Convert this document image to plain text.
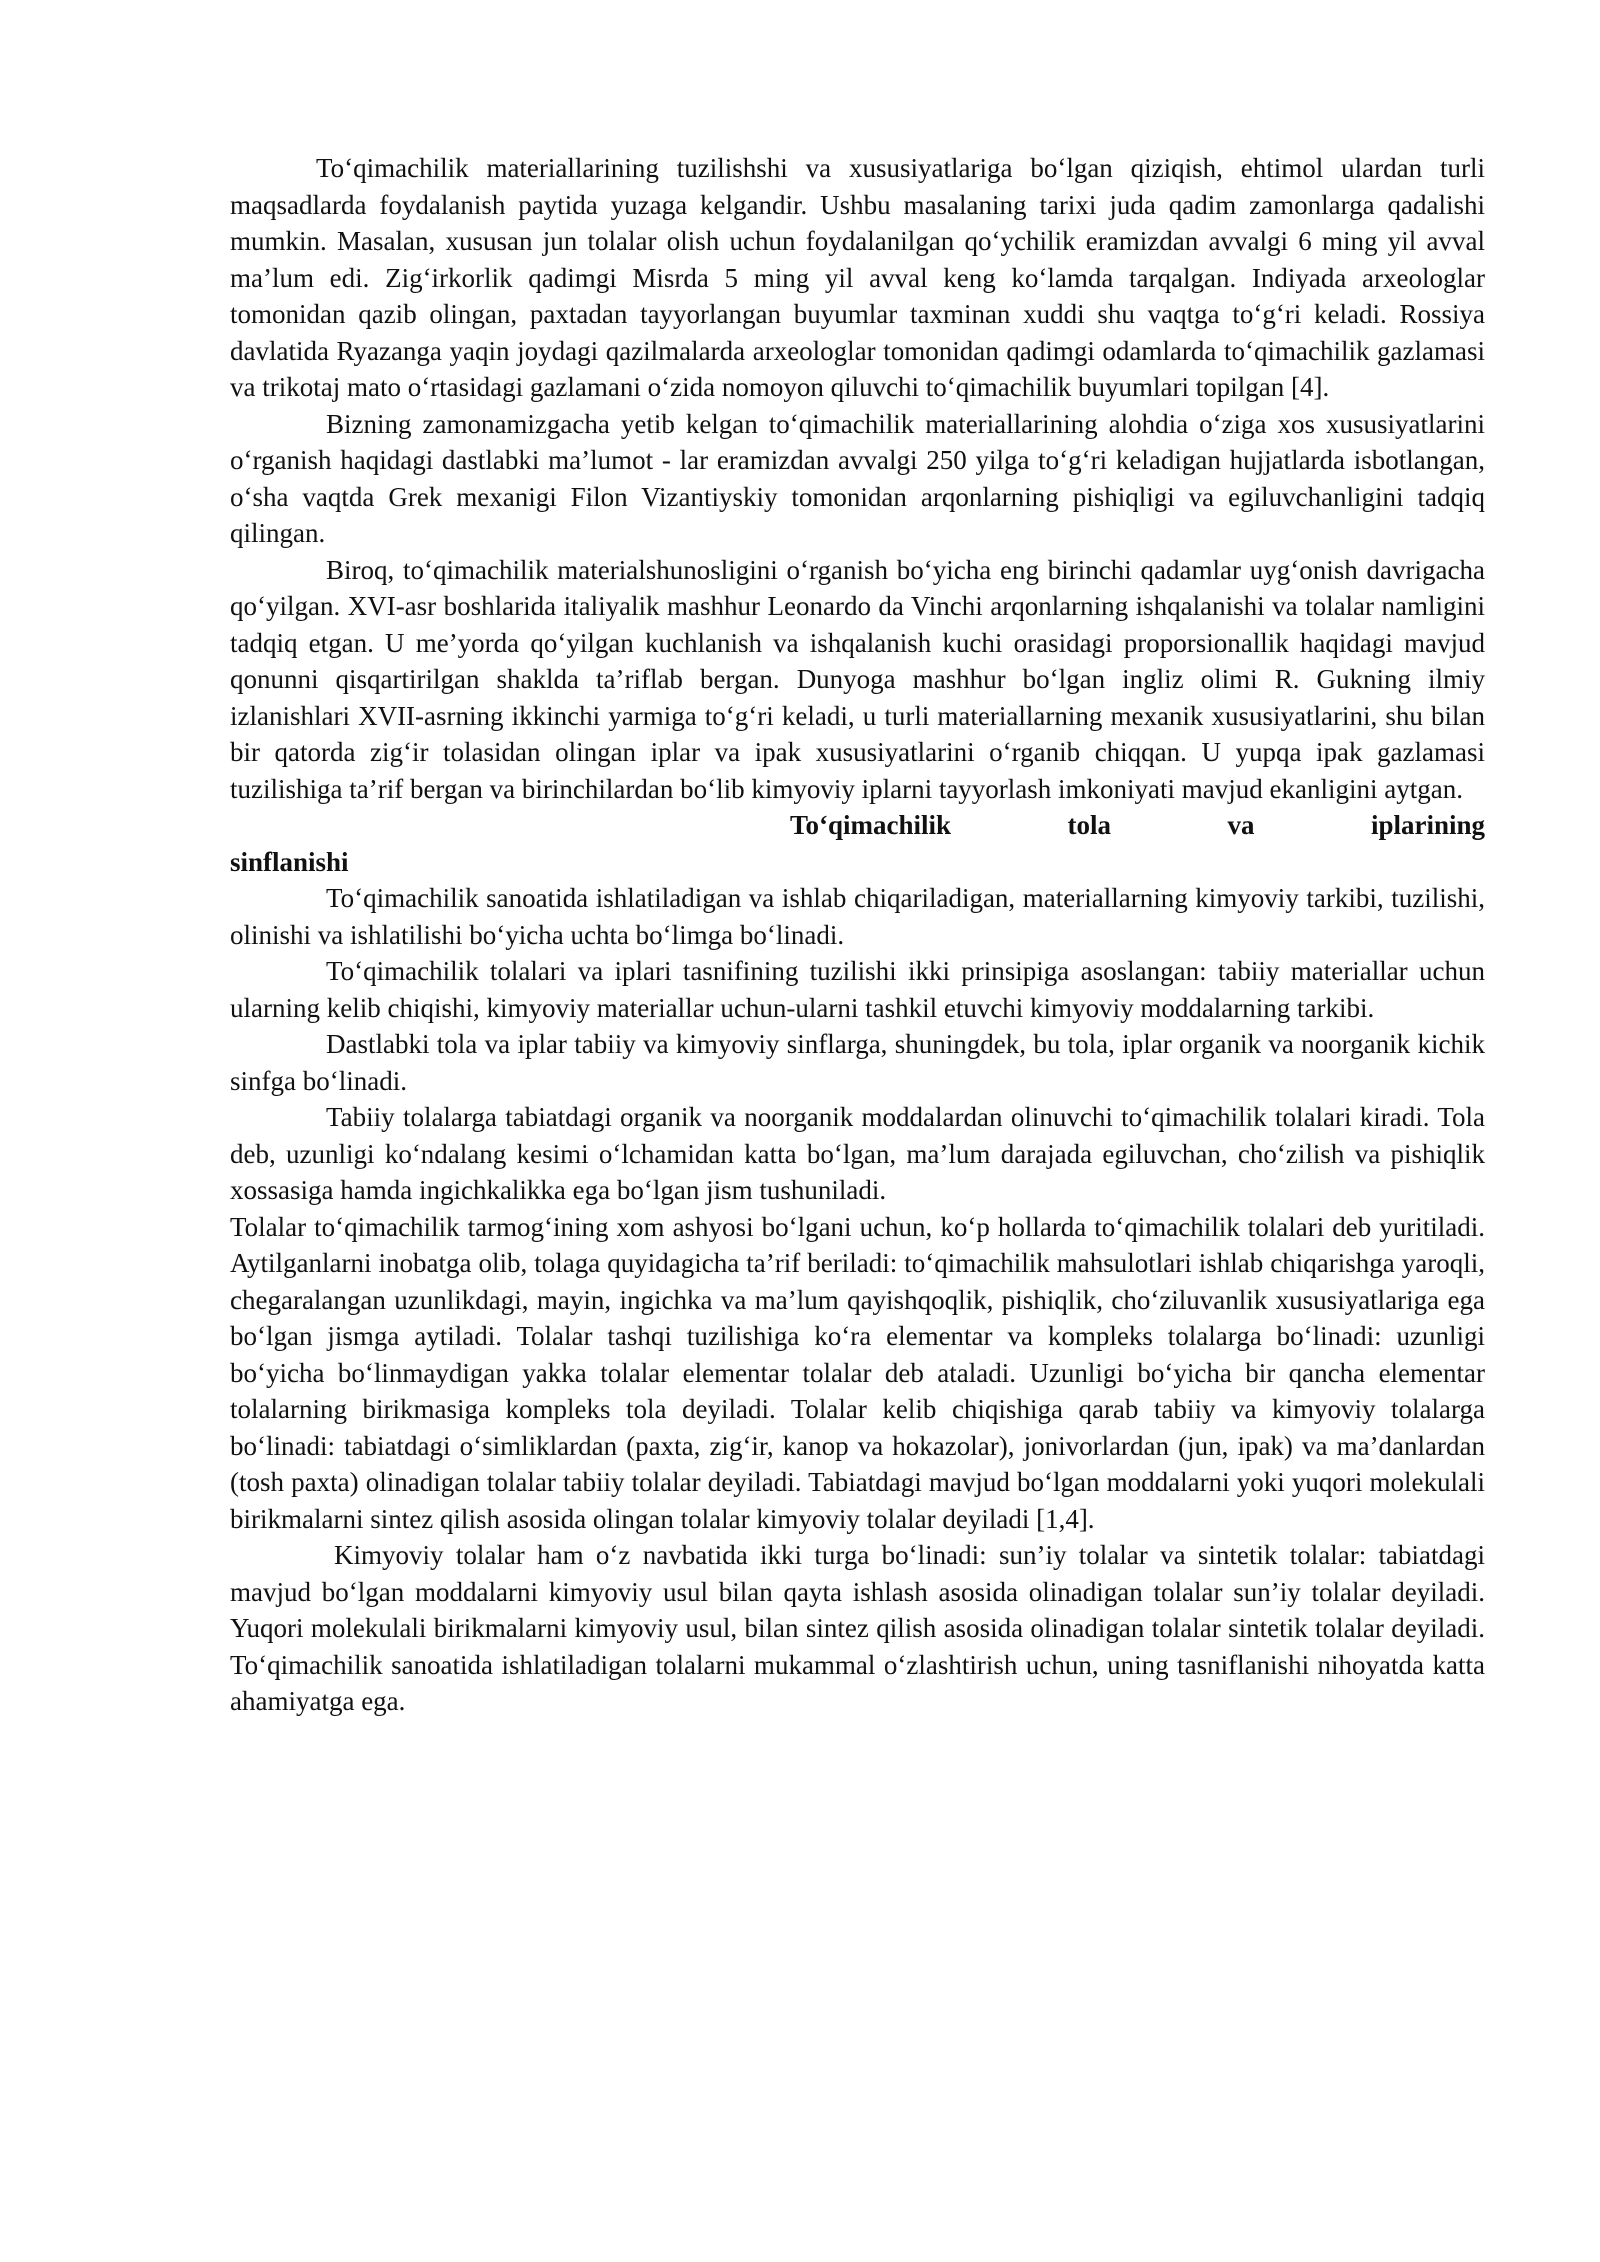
To‘qimachilik materiallarining tuzilishshi va xususiyatlariga bo‘lgan qiziqish, ehtimol ulardan turli maqsadlarda foydalanish paytida yuzaga kelgandir. Ushbu masalaning tarixi juda qadim zamonlarga qadalishi mumkin. Masalan, xususan jun tolalar olish uchun foydalanilgan qo‘ychilik eramizdan avvalgi 6 ming yil avval ma’lum edi. Zig‘irkorlik qadimgi Misrda 5 ming yil avval keng ko‘lamda tarqalgan. Indiyada arxeologlar tomonidan qazib olingan, paxtadan tayyorlangan buyumlar taxminan xuddi shu vaqtga to‘g‘ri keladi. Rossiya davlatida Ryazanga yaqin joydagi qazilmalarda arxeologlar tomonidan qadimgi odamlarda to‘qimachilik gazlamasi va trikotaj mato o‘rtasidagi gazlamani o‘zida nomoyon qiluvchi to‘qimachilik buyumlari topilgan [4].

Bizning zamonamizgacha yetib kelgan to‘qimachilik materiallarining alohdia o‘ziga xos xususiyatlarini o‘rganish haqidagi dastlabki ma’lumot - lar eramizdan avvalgi 250 yilga to‘g‘ri keladigan hujjatlarda isbotlangan, o‘sha vaqtda Grek mexanigi Filon Vizantiyskiy tomonidan arqonlarning pishiqligi va egiluvchanligini tadqiq qilingan.

Biroq, to‘qimachilik materialshunosligini o‘rganish bo‘yicha eng birinchi qadamlar uyg‘onish davrigacha qo‘yilgan. XVI-asr boshlarida italiyalik mashhur Leonardo da Vinchi arqonlarning ishqalanishi va tolalar namligini tadqiq etgan. U me’yorda qo‘yilgan kuchlanish va ishqalanish kuchi orasidagi proporsionallik haqidagi mavjud qonunni qisqartirilgan shaklda ta’riflab bergan. Dunyoga mashhur bo‘lgan ingliz olimi R. Gukning ilmiy izlanishlari XVII-asrning ikkinchi yarmiga to‘g‘ri keladi, u turli materiallarning mexanik xususiyatlarini, shu bilan bir qatorda zig‘ir tolasidan olingan iplar va ipak xususiyatlarini o‘rganib chiqqan. U yupqa ipak gazlamasi tuzilishiga ta’rif bergan va birinchilardan bo‘lib kimyoviy iplarni tayyorlash imkoniyati mavjud ekanligini aytgan.

To‘qimachilik tola va iplarining
sinflanishi

To‘qimachilik sanoatida ishlatiladigan va ishlab chiqariladigan, materiallarning kimyoviy tarkibi, tuzilishi, olinishi va ishlatilishi bo‘yicha uchta bo‘limga bo‘linadi.

To‘qimachilik tolalari va iplari tasnifining tuzilishi ikki prinsipiga asoslangan: tabiiy materiallar uchun ularning kelib chiqishi, kimyoviy materiallar uchun-ularni tashkil etuvchi kimyoviy moddalarning tarkibi.

Dastlabki tola va iplar tabiiy va kimyoviy sinflarga, shuningdek, bu tola, iplar organik va noorganik kichik sinfga bo‘linadi.

Tabiiy tolalarga tabiatdagi organik va noorganik moddalardan olinuvchi to‘qimachilik tolalari kiradi. Tola deb, uzunligi ko‘ndalang kesimi o‘lchamidan katta bo‘lgan, ma’lum darajada egiluvchan, cho‘zilish va pishiqlik xossasiga hamda ingichkalikka ega bo‘lgan jism tushuniladi.

Tolalar to‘qimachilik tarmog‘ining xom ashyosi bo‘lgani uchun, ko‘p hollarda to‘qimachilik tolalari deb yuritiladi. Aytilganlarni inobatga olib, tolaga quyidagicha ta’rif beriladi: to‘qimachilik mahsulotlari ishlab chiqarishga yaroqli, chegaralangan uzunlikdagi, mayin, ingichka va ma’lum qayishqoqlik, pishiqlik, cho‘ziluvanlik xususiyatlariga ega bo‘lgan jismga aytiladi. Tolalar tashqi tuzilishiga ko‘ra elementar va kompleks tolalarga bo‘linadi: uzunligi bo‘yicha bo‘linmaydigan yakka tolalar elementar tolalar deb ataladi. Uzunligi bo‘yicha bir qancha elementar tolalarning birikmasiga kompleks tola deyiladi. Tolalar kelib chiqishiga qarab tabiiy va kimyoviy tolalarga bo‘linadi: tabiatdagi o‘simliklardan (paxta, zig‘ir, kanop va hokazolar), jonivorlardan (jun, ipak) va ma’danlardan (tosh paxta) olinadigan tolalar tabiiy tolalar deyiladi. Tabiatdagi mavjud bo‘lgan moddalarni yoki yuqori molekulali birikmalarni sintez qilish asosida olingan tolalar kimyoviy tolalar deyiladi [1,4].

Kimyoviy tolalar ham o‘z navbatida ikki turga bo‘linadi: sun’iy tolalar va sintetik tolalar: tabiatdagi mavjud bo‘lgan moddalarni kimyoviy usul bilan qayta ishlash asosida olinadigan tolalar sun’iy tolalar deyiladi. Yuqori molekulali birikmalarni kimyoviy usul, bilan sintez qilish asosida olinadigan tolalar sintetik tolalar deyiladi. To‘qimachilik sanoatida ishlatiladigan tolalarni mukammal o‘zlashtirish uchun, uning tasniflanishi nihoyatda katta ahamiyatga ega.
